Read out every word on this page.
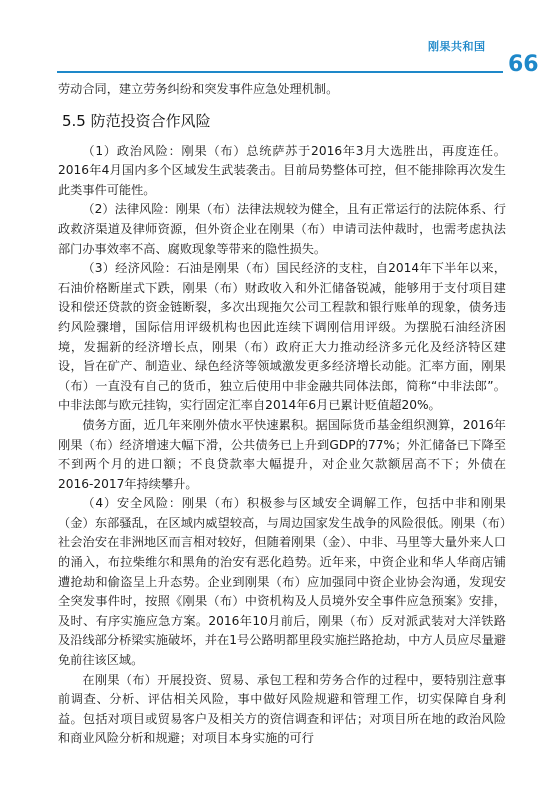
刚果共和国
66

劳动合同，建立劳务纠纷和突发事件应急处理机制。

5.5 防范投资合作风险

（1）政治风险：刚果（布）总统萨苏于2016年3月大选胜出，再度连任。2016年4月国内多个区域发生武装袭击。目前局势整体可控，但不能排除再次发生此类事件可能性。

（2）法律风险：刚果（布）法律法规较为健全，且有正常运行的法院体系、行政救济渠道及律师资源，但外资企业在刚果（布）申请司法仲裁时，也需考虑执法部门办事效率不高、腐败现象等带来的隐性损失。

（3）经济风险：石油是刚果（布）国民经济的支柱，自2014年下半年以来，石油价格断崖式下跌，刚果（布）财政收入和外汇储备锐减，能够用于支付项目建设和偿还贷款的资金链断裂，多次出现拖欠公司工程款和银行账单的现象，债务违约风险骤增，国际信用评级机构也因此连续下调刚信用评级。为摆脱石油经济困境，发掘新的经济增长点，刚果（布）政府正大力推动经济多元化及经济特区建设，旨在矿产、制造业、绿色经济等领域激发更多经济增长动能。汇率方面，刚果（布）一直没有自己的货币，独立后使用中非金融共同体法郎，简称“中非法郎”。中非法郎与欧元挂钩，实行固定汇率自2014年6月已累计贬值超20%。

债务方面，近几年来刚外债水平快速累积。据国际货币基金组织测算，2016年刚果（布）经济增速大幅下滑，公共债务已上升到GDP的77%；外汇储备已下降至不到两个月的进口额；不良贷款率大幅提升，对企业欠款额居高不下；外债在2016-2017年持续攀升。

（4）安全风险：刚果（布）积极参与区域安全调解工作，包括中非和刚果（金）东部骚乱，在区域内威望较高，与周边国家发生战争的风险很低。刚果（布）社会治安在非洲地区而言相对较好，但随着刚果（金）、中非、马里等大量外来人口的涌入，布拉柴维尔和黑角的治安有恶化趋势。近年来，中资企业和华人华商店铺遭抢劫和偷盗呈上升态势。企业到刚果（布）应加强同中资企业协会沟通，发现安全突发事件时，按照《刚果（布）中资机构及人员境外安全事件应急预案》安排，及时、有序实施应急方案。2016年10月前后，刚果（布）反对派武装对大洋铁路及沿线部分桥梁实施破坏，并在1号公路明都里段实施拦路抢劫，中方人员应尽量避免前往该区域。

在刚果（布）开展投资、贸易、承包工程和劳务合作的过程中，要特别注意事前调查、分析、评估相关风险，事中做好风险规避和管理工作，切实保障自身利益。包括对项目或贸易客户及相关方的资信调查和评估；对项目所在地的政治风险和商业风险分析和规避；对项目本身实施的可行
